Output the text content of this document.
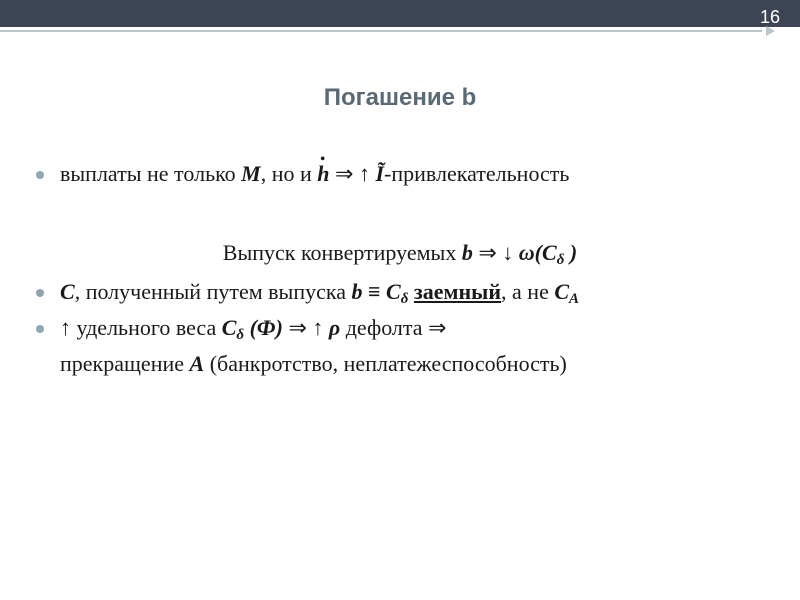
16
Погашение b
выплаты не только M, но и • h ⇒ ↑ Ĩ-привлекательность
Выпуск конвертируемых b ⇒ ↓ $\omega(C_\delta$ )
C, полученный путем выпуска $b \equiv C_\delta$ заемный, а не $C_A$
↑ удельного веса $C_\delta$ (Ф) ⇒ ↑ ρ дефолта ⇒
прекращение A (банкротство, неплатежеспособность)
